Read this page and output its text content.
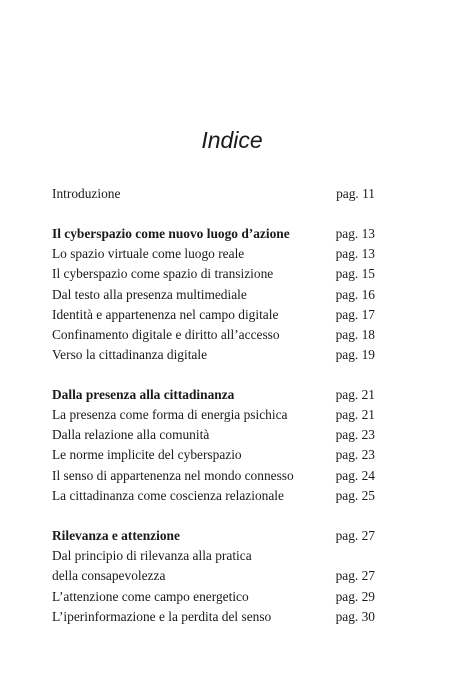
Indice
Introduzione	pag. 11
Il cyberspazio come nuovo luogo d’azione	pag. 13
Lo spazio virtuale come luogo reale	pag. 13
Il cyberspazio come spazio di transizione	pag. 15
Dal testo alla presenza multimediale	pag. 16
Identità e appartenenza nel campo digitale	pag. 17
Confinamento digitale e diritto all’accesso	pag. 18
Verso la cittadinanza digitale	pag. 19
Dalla presenza alla cittadinanza	pag. 21
La presenza come forma di energia psichica	pag. 21
Dalla relazione alla comunità	pag. 23
Le norme implicite del cyberspazio	pag. 23
Il senso di appartenenza nel mondo connesso	pag. 24
La cittadinanza come coscienza relazionale	pag. 25
Rilevanza e attenzione	pag. 27
Dal principio di rilevanza alla pratica
della consapevolezza	pag. 27
L’attenzione come campo energetico	pag. 29
L’iperinformazione e la perdita del senso	pag. 30
